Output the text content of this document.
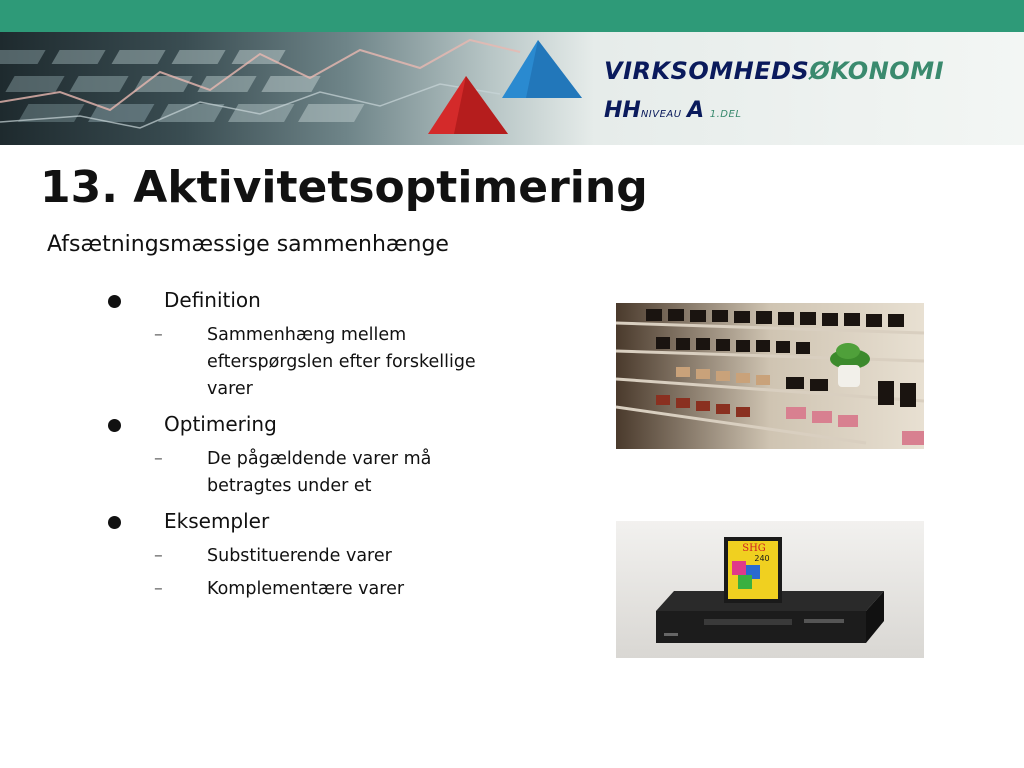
VIRKSOMHEDSØKONOMI
HHNIVEAU A 1.DEL
13. Aktivitetsoptimering
Afsætningsmæssige sammenhænge
Definition
–	Sammenhæng mellem efterspørgslen efter forskellige varer
Optimering
–	De pågældende varer må betragtes under et
Eksempler
–	Substituerende varer
–	Komplementære varer
SHG
240
